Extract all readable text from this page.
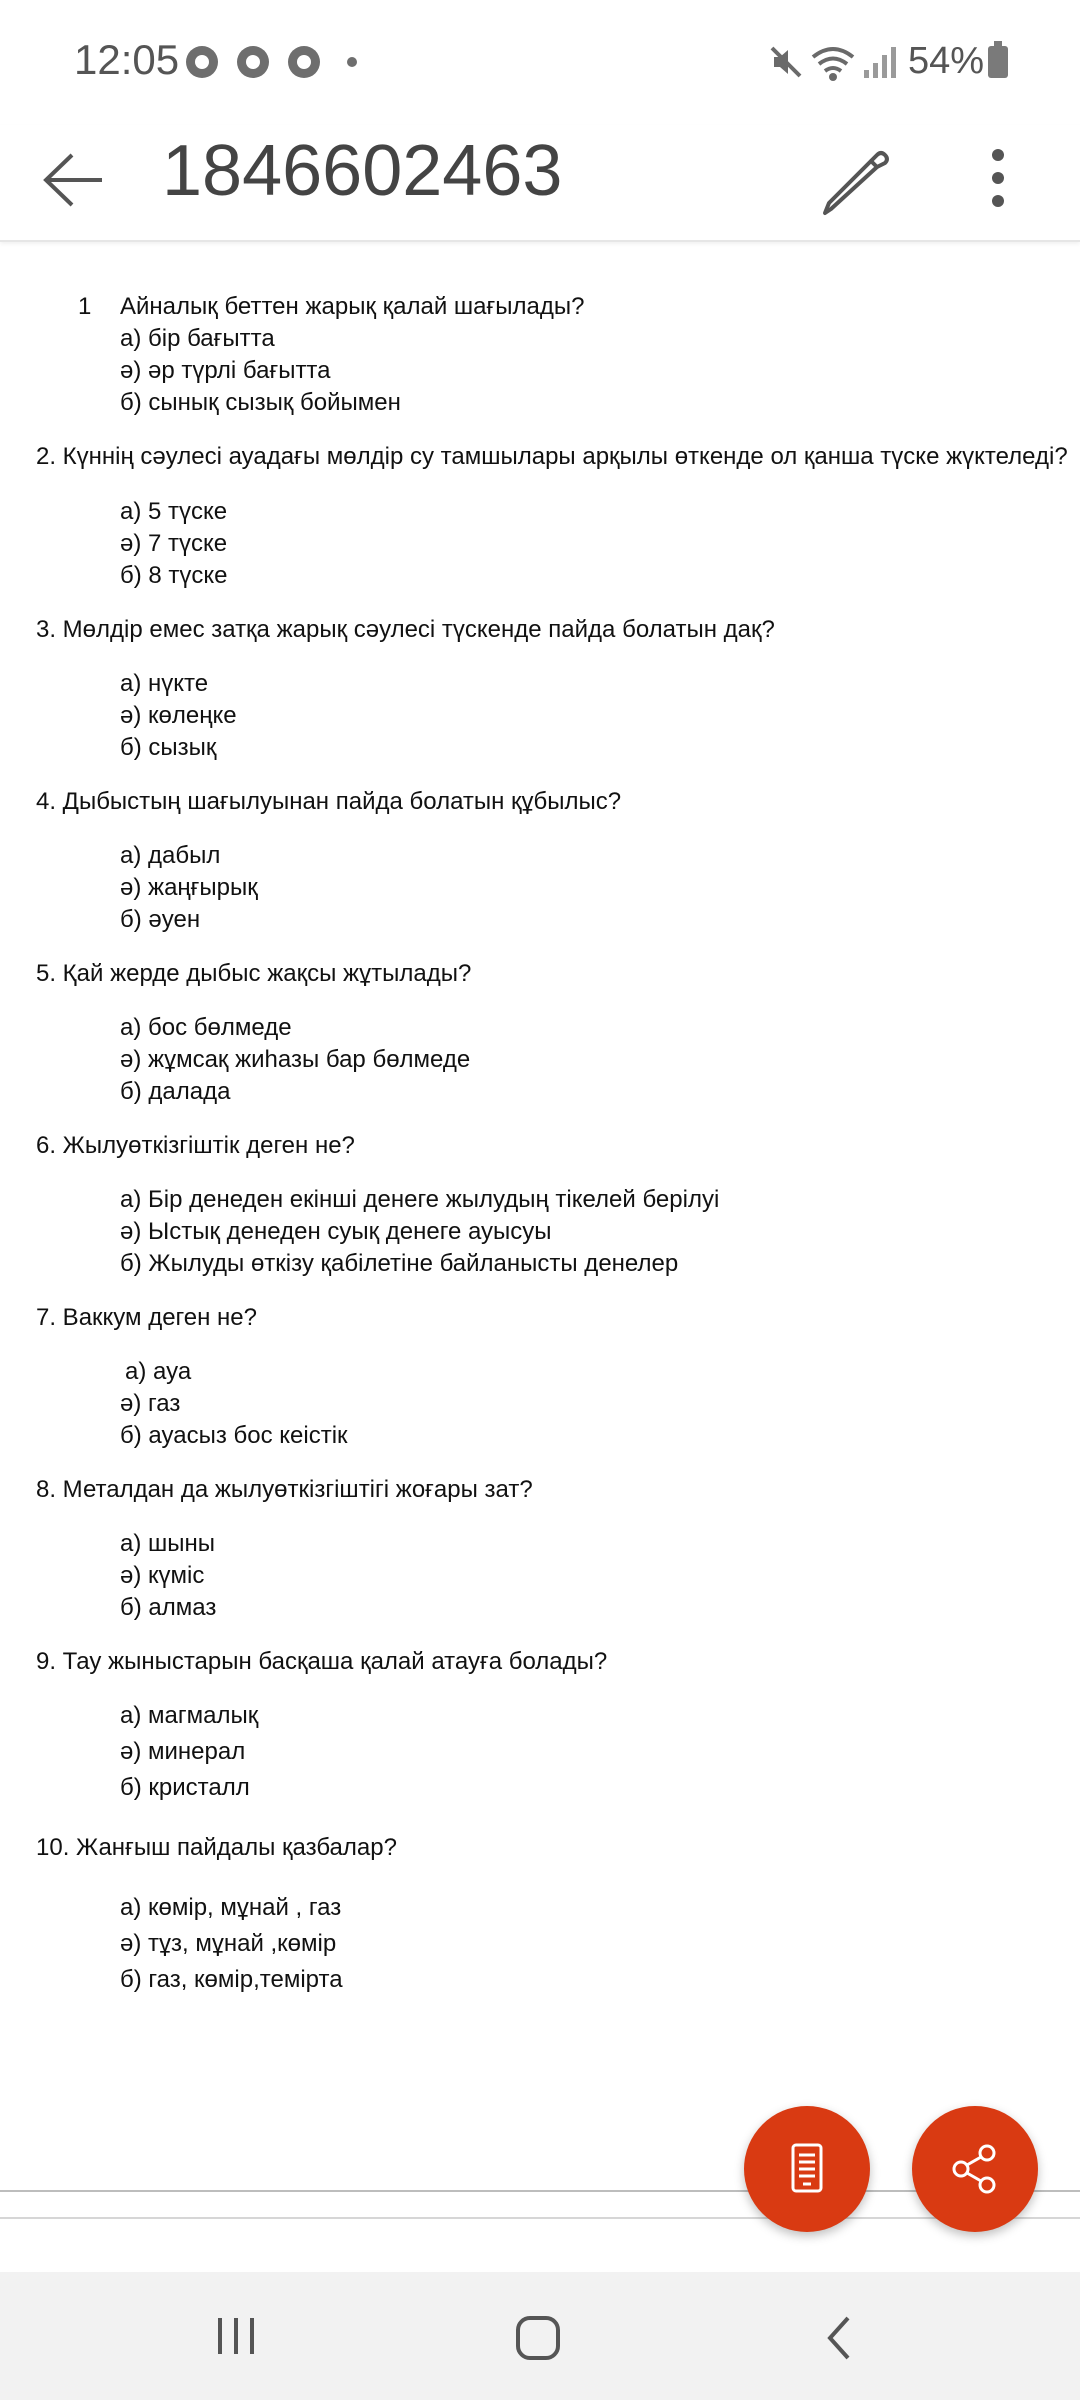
12:05	54%
1846602463
1 Айналық беттен жарық қалай шағылады?
а) бір бағытта
ә) әр түрлі бағытта
б) сынық сызық бойымен
2. Күннің сәулесі ауадағы мөлдір су тамшылары арқылы өткенде ол қанша түске жүктеледі?
а) 5 түске
ә) 7 түске
б) 8 түске
3. Мөлдір емес затқа жарық сәулесі түскенде пайда болатын дақ?
а) нүкте
ә) көлеңке
б) сызық
4. Дыбыстың шағылуынан пайда болатын құбылыс?
а) дабыл
ә) жаңғырық
б) әуен
5. Қай жерде дыбыс жақсы жұтылады?
а) бос бөлмеде
ә) жұмсақ жиһазы бар бөлмеде
б) далада
6. Жылуөткізгіштік деген не?
а) Бір денеден екінші денеге жылудың тікелей берілуі
ә) Ыстық денеден суық денеге ауысуы
б) Жылуды өткізу қабілетіне байланысты денелер
7. Ваккум деген не?
а) ауа
ә) газ
б) ауасыз бос кеістік
8. Металдан да жылуөткізгіштігі жоғары зат?
а) шыны
ә) күміс
б) алмаз
9. Тау жыныстарын басқаша қалай атауға болады?
а) магмалық
ә) минерал
б) кристалл
10. Жанғыш пайдалы қазбалар?
а) көмір, мұнай , газ
ә) тұз, мұнай ,көмір
б) газ, көмір,темірта
